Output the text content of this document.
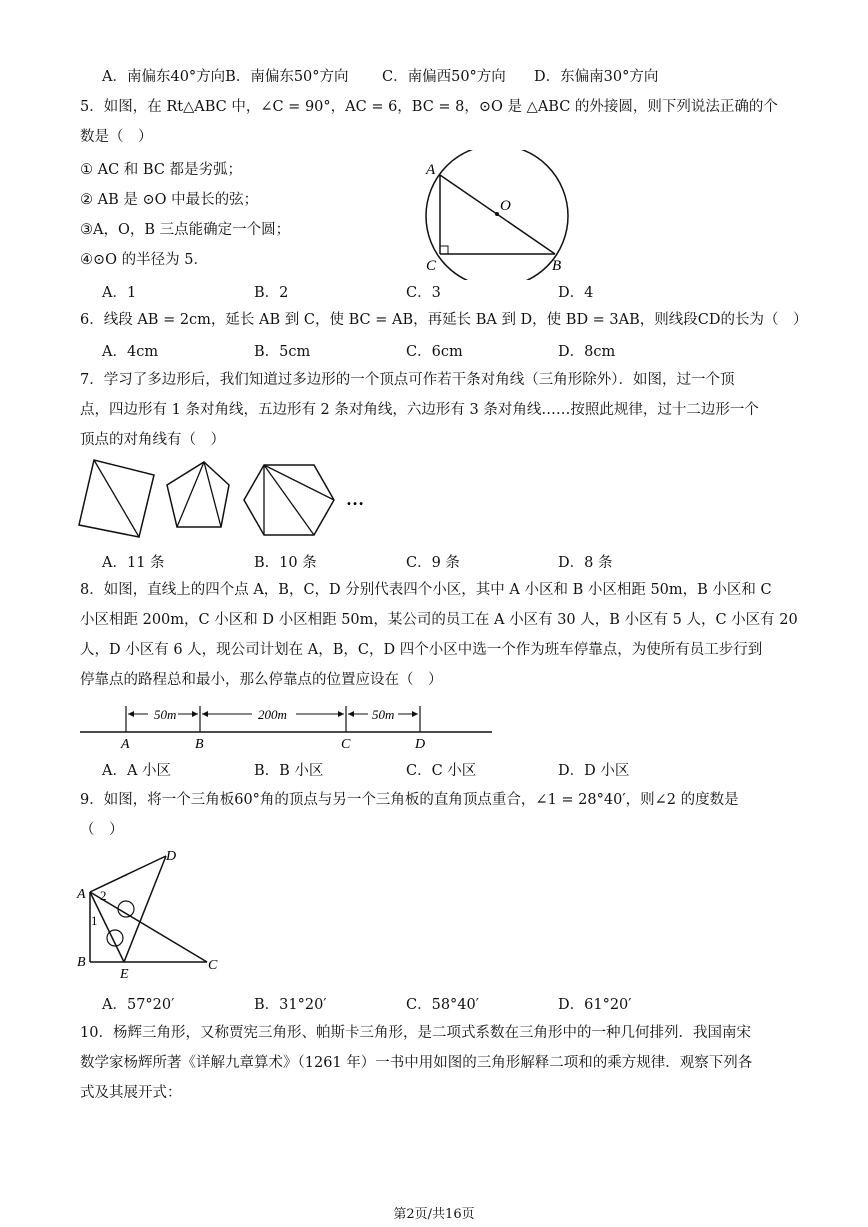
A．南偏东40°方向B．南偏东50°方向	C．南偏西50°方向	D．东偏南30°方向
5．如图，在 Rt△ABC 中，∠C = 90°，AC = 6，BC = 8，⊙O 是 △ABC 的外接圆，则下列说法正确的个
数是（　）
① AC 和 BC 都是劣弧；
② AB 是 ⊙O 中最长的弦；
③A，O，B 三点能确定一个圆；
④⊙O 的半径为 5．
A
C	B
O
A．1	B．2	C．3	D．4
6．线段 AB = 2cm，延长 AB 到 C，使 BC = AB，再延长 BA 到 D，使 BD = 3AB，则线段CD的长为（　）
A．4cm	B．5cm	C．6cm	D．8cm
7．学习了多边形后，我们知道过多边形的一个顶点可作若干条对角线（三角形除外）．如图，过一个顶
点，四边形有 1 条对角线，五边形有 2 条对角线，六边形有 3 条对角线……按照此规律，过十二边形一个
顶点的对角线有（　）
…
A．11 条	B．10 条	C．9 条	D．8 条
8．如图，直线上的四个点 A，B，C，D 分别代表四个小区，其中 A 小区和 B 小区相距 50m，B 小区和 C
小区相距 200m，C 小区和 D 小区相距 50m，某公司的员工在 A 小区有 30 人，B 小区有 5 人，C 小区有 20
人，D 小区有 6 人，现公司计划在 A，B，C，D 四个小区中选一个作为班车停靠点，为使所有员工步行到
停靠点的路程总和最小，那么停靠点的位置应设在（　）
50m	200m	50m
A	B	C	D
A．A 小区	B．B 小区	C．C 小区	D．D 小区
9．如图，将一个三角板60°角的顶点与另一个三角板的直角顶点重合，∠1 = 28°40′，则∠2 的度数是
（　）
A
B	C
D
E
2
1
A．57°20′	B．31°20′	C．58°40′	D．61°20′
10．杨辉三角形，又称贾宪三角形、帕斯卡三角形，是二项式系数在三角形中的一种几何排列．我国南宋
数学家杨辉所著《详解九章算术》（1261 年）一书中用如图的三角形解释二项和的乘方规律．观察下列各
式及其展开式：
第2页/共16页
